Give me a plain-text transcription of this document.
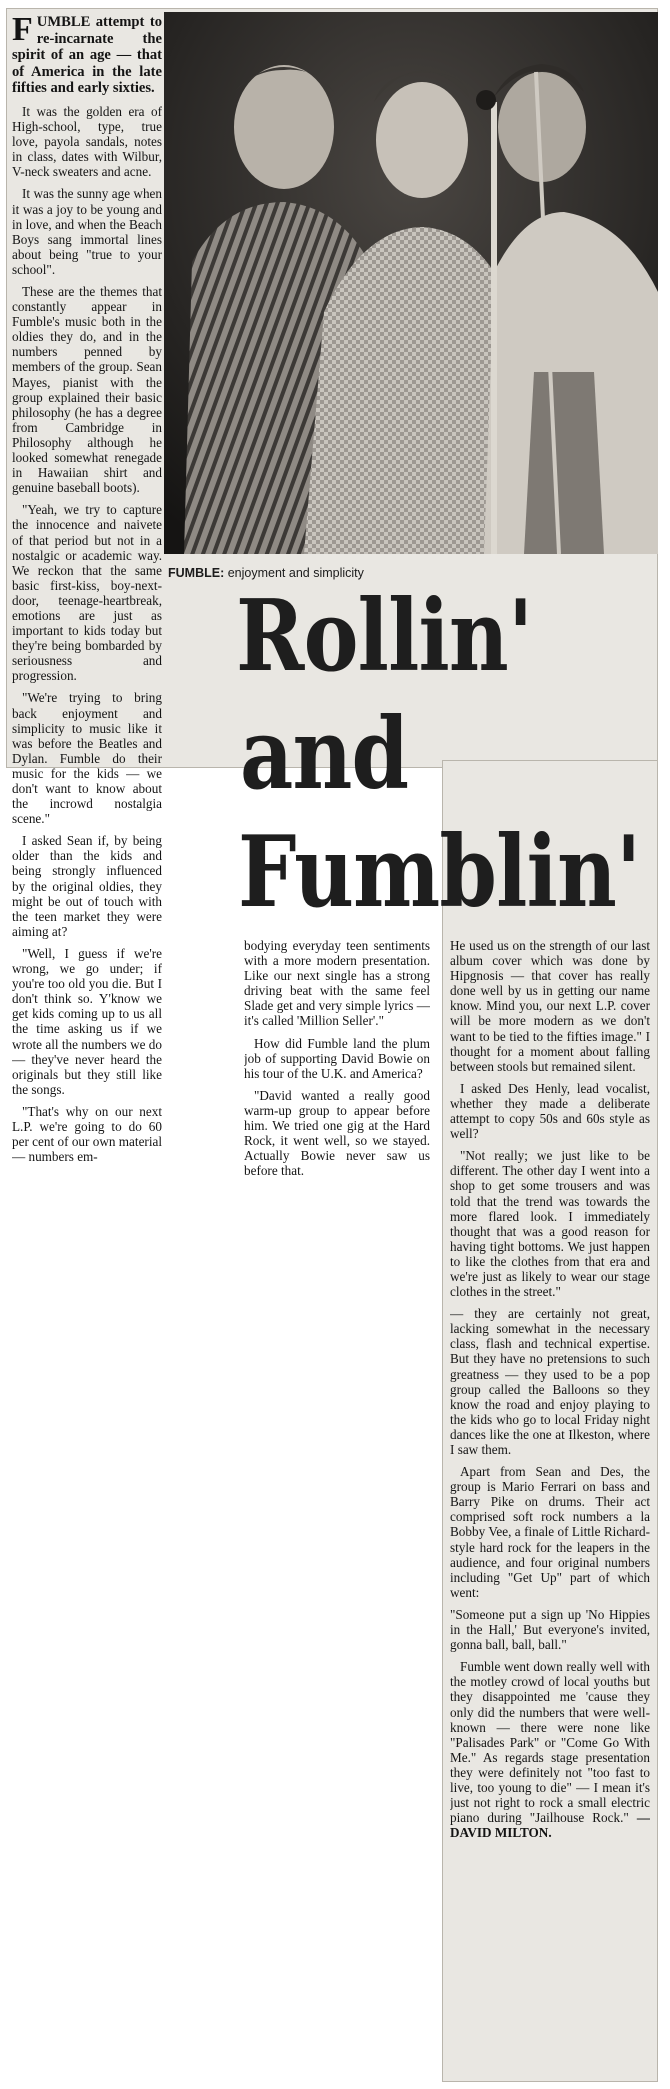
FUMBLE: enjoyment and simplicity
Rollin'
and
Fumblin'

FUMBLE attempt to re-incarnate the spirit of an age — that of America in the late fifties and early sixties.

It was the golden era of High-school, type, true love, payola sandals, notes in class, dates with Wilbur, V-neck sweaters and acne.

It was the sunny age when it was a joy to be young and in love, and when the Beach Boys sang immortal lines about being "true to your school".

These are the themes that constantly appear in Fumble's music both in the oldies they do, and in the numbers penned by members of the group. Sean Mayes, pianist with the group explained their basic philosophy (he has a degree from Cambridge in Philosophy although he looked somewhat renegade in Hawaiian shirt and genuine baseball boots).

"Yeah, we try to capture the innocence and naivete of that period but not in a nostalgic or academic way. We reckon that the same basic first-kiss, boy-next-door, teenage-heartbreak, emotions are just as important to kids today but they're being bombarded by seriousness and progression.

"We're trying to bring back enjoyment and simplicity to music like it was before the Beatles and Dylan. Fumble do their music for the kids — we don't want to know about the incrowd nostalgia scene."

I asked Sean if, by being older than the kids and being strongly influenced by the original oldies, they might be out of touch with the teen market they were aiming at?

"Well, I guess if we're wrong, we go under; if you're too old you die. But I don't think so. Y'know we get kids coming up to us all the time asking us if we wrote all the numbers we do — they've never heard the originals but they still like the songs.

"That's why on our next L.P. we're going to do 60 per cent of our own material — numbers em-

bodying everyday teen sentiments with a more modern presentation. Like our next single has a strong driving beat with the same feel Slade get and very simple lyrics — it's called 'Million Seller'."

How did Fumble land the plum job of supporting David Bowie on his tour of the U.K. and America?

"David wanted a really good warm-up group to appear before him. We tried one gig at the Hard Rock, it went well, so we stayed. Actually Bowie never saw us before that.

He used us on the strength of our last album cover which was done by Hipgnosis — that cover has really done well by us in getting our name know. Mind you, our next L.P. cover will be more modern as we don't want to be tied to the fifties image." I thought for a moment about falling between stools but remained silent.

I asked Des Henly, lead vocalist, whether they made a deliberate attempt to copy 50s and 60s style as well?

"Not really; we just like to be different. The other day I went into a shop to get some trousers and was told that the trend was towards the more flared look. I immediately thought that was a good reason for having tight bottoms. We just happen to like the clothes from that era and we're just as likely to wear our stage clothes in the street."

— they are certainly not great, lacking somewhat in the necessary class, flash and technical expertise. But they have no pretensions to such greatness — they used to be a pop group called the Balloons so they know the road and enjoy playing to the kids who go to local Friday night dances like the one at Ilkeston, where I saw them.

Apart from Sean and Des, the group is Mario Ferrari on bass and Barry Pike on drums. Their act comprised soft rock numbers a la Bobby Vee, a finale of Little Richard-style hard rock for the leapers in the audience, and four original numbers including "Get Up" part of which went:

"Someone put a sign up 'No Hippies in the Hall,' But everyone's invited, gonna ball, ball, ball."

Fumble went down really well with the motley crowd of local youths but they disappointed me 'cause they only did the numbers that were well-known — there were none like "Palisades Park" or "Come Go With Me." As regards stage presentation they were definitely not "too fast to live, too young to die" — I mean it's just not right to rock a small electric piano during "Jailhouse Rock." — DAVID MILTON.
